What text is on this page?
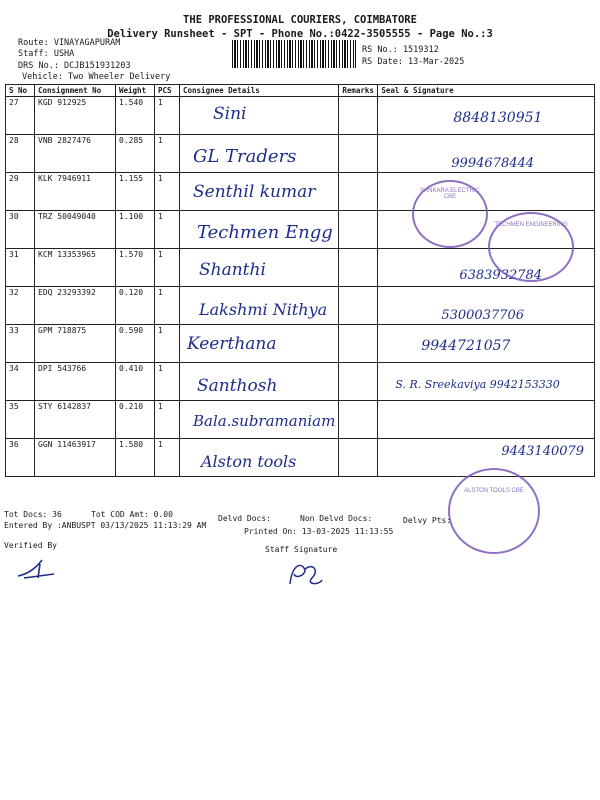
THE PROFESSIONAL COURIERS, COIMBATORE
Delivery Runsheet - SPT - Phone No.:0422-3505555 - Page No.:3
Route: VINAYAGAPURAM
Staff: USHA
DRS No.: DCJB151931203
Vehicle: Two Wheeler Delivery
RS No.: 1519312
RS Date: 13-Mar-2025
S No	Consignment No	Weight	PCS	Consignee Details	Remarks	Seal & Signature
27	KGD 912925	1.540	1	Sini		8848130951

28	VNB 2827476	0.285	1	GL Traders		9994678444

29	KLK 7946911	1.155	1	Senthil kumar		

30	TRZ 50049040	1.100	1	Techmen Engg		

31	KCM 13353965	1.570	1	Shanthi		6383932784

32	EDQ 23293392	0.120	1	Lakshmi Nithya		5300037706

33	GPM 718875	0.590	1	Keerthana		9944721057

34	DPI 543766	0.410	1	Santhosh		S. R. Sreekaviya 9942153330

35	STY 6142837	0.210	1	Bala.subramaniam		

36	GGN 11463917	1.580	1	Alston tools		9443140079
SANKARA ELECTRIC CBE
TECHMEN ENGINEERING
ALSTON TOOLS CBE
Tot Docs: 36	Tot COD Amt: 0.00	Delvd Docs:	Non Delvd Docs:	Delvy Pts:
Entered By :ANBUSPT 03/13/2025 11:13:29 AM
Printed On: 13-03-2025 11:13:55
Verified By	Staff Signature
